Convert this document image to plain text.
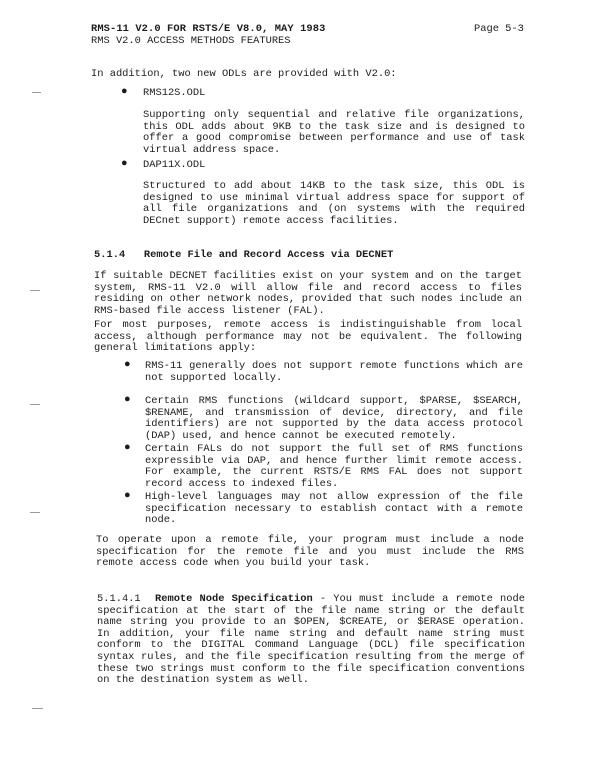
RMS-11 V2.0 FOR RSTS/E V8.0, MAY 1983
RMS V2.0 ACCESS METHODS FEATURES
Page 5-3
In addition, two new ODLs are provided with V2.0:
● RMS12S.ODL
Supporting only sequential and relative file organizations, this ODL adds about 9KB to the task size and is designed to offer a good compromise between performance and use of task virtual address space.
● DAP11X.ODL
Structured to add about 14KB to the task size, this ODL is designed to use minimal virtual address space for support of all file organizations and (on systems with the required DECnet support) remote access facilities.
5.1.4 Remote File and Record Access via DECNET
If suitable DECNET facilities exist on your system and on the target system, RMS-11 V2.0 will allow file and record access to files residing on other network nodes, provided that such nodes include an RMS-based file access listener (FAL).
For most purposes, remote access is indistinguishable from local access, although performance may not be equivalent. The following general limitations apply:
● RMS-11 generally does not support remote functions which are not supported locally.
● Certain RMS functions (wildcard support, $PARSE, $SEARCH, $RENAME, and transmission of device, directory, and file identifiers) are not supported by the data access protocol (DAP) used, and hence cannot be executed remotely.
● Certain FALs do not support the full set of RMS functions expressible via DAP, and hence further limit remote access. For example, the current RSTS/E RMS FAL does not support record access to indexed files.
● High-level languages may not allow expression of the file specification necessary to establish contact with a remote node.
To operate upon a remote file, your program must include a node specification for the remote file and you must include the RMS remote access code when you build your task.
5.1.4.1 Remote Node Specification - You must include a remote node specification at the start of the file name string or the default name string you provide to an $OPEN, $CREATE, or $ERASE operation. In addition, your file name string and default name string must conform to the DIGITAL Command Language (DCL) file specification syntax rules, and the file specification resulting from the merge of these two strings must conform to the file specification conventions on the destination system as well.
